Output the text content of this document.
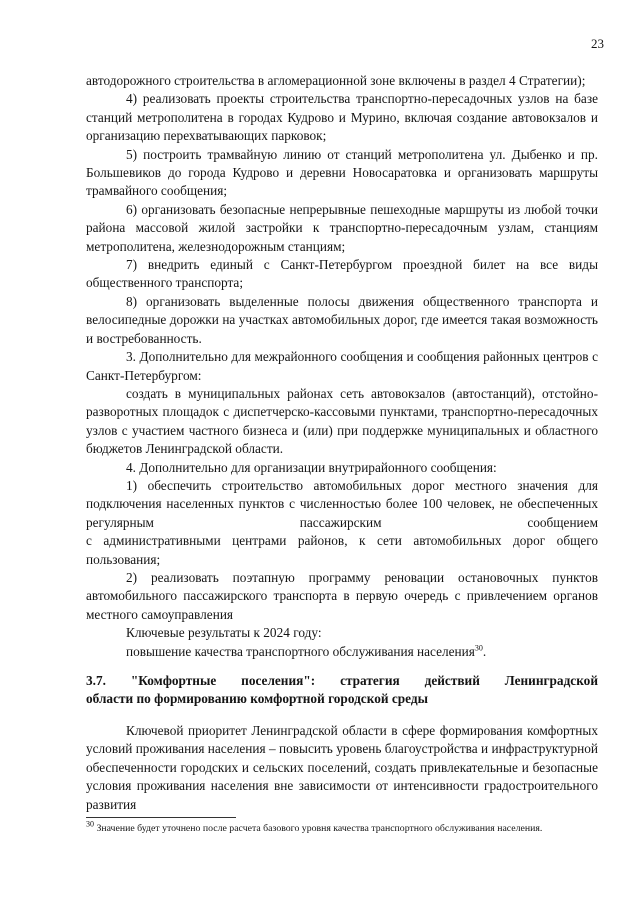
23

автодорожного строительства в агломерационной зоне включены в раздел 4 Стратегии);

4) реализовать проекты строительства транспортно-пересадочных узлов на базе станций метрополитена в городах Кудрово и Мурино, включая создание автовокзалов и организацию перехватывающих парковок;

5) построить трамвайную линию от станций метрополитена ул. Дыбенко и пр. Большевиков до города Кудрово и деревни Новосаратовка и организовать маршруты трамвайного сообщения;

6) организовать безопасные непрерывные пешеходные маршруты из любой точки района массовой жилой застройки к транспортно-пересадочным узлам, станциям метрополитена, железнодорожным станциям;

7) внедрить единый с Санкт-Петербургом проездной билет на все виды общественного транспорта;

8) организовать выделенные полосы движения общественного транспорта и велосипедные дорожки на участках автомобильных дорог, где имеется такая возможность и востребованность.

3. Дополнительно для межрайонного сообщения и сообщения районных центров с Санкт-Петербургом:

создать в муниципальных районах сеть автовокзалов (автостанций), отстойно-разворотных площадок с диспетчерско-кассовыми пунктами, транспортно-пересадочных узлов с участием частного бизнеса и (или) при поддержке муниципальных и областного бюджетов Ленинградской области.

4. Дополнительно для организации внутрирайонного сообщения:

1) обеспечить строительство автомобильных дорог местного значения для подключения населенных пунктов с численностью более 100 человек, не обеспеченных регулярным пассажирским сообщением

с административными центрами районов, к сети автомобильных дорог общего пользования;

2) реализовать поэтапную программу реновации остановочных пунктов автомобильного пассажирского транспорта в первую очередь с привлечением органов местного самоуправления

Ключевые результаты к 2024 году:

повышение качества транспортного обслуживания населения$^{30}$.

3.7. "Комфортные поселения": стратегия действий Ленинградской

области по формированию комфортной городской среды

Ключевой приоритет Ленинградской области в сфере формирования комфортных условий проживания населения – повысить уровень благоустройства и инфраструктурной обеспеченности городских и сельских поселений, создать привлекательные и безопасные условия проживания населения вне зависимости от интенсивности градостроительного развития

$^{30}$ Значение будет уточнено после расчета базового уровня качества транспортного обслуживания населения.
